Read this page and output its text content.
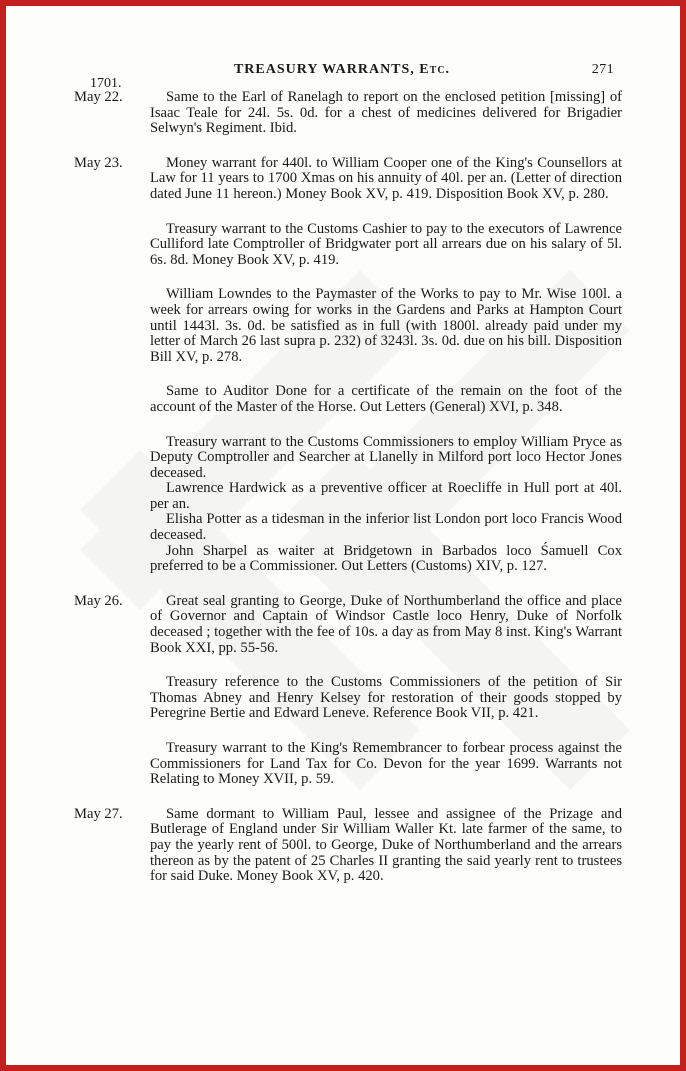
TREASURY WARRANTS, Etc.	271
1701.
May 22.	Same to the Earl of Ranelagh to report on the enclosed petition [missing] of Isaac Teale for 24l. 5s. 0d. for a chest of medicines delivered for Brigadier Selwyn's Regiment. Ibid.
May 23.	Money warrant for 440l. to William Cooper one of the King's Counsellors at Law for 11 years to 1700 Xmas on his annuity of 40l. per an. (Letter of direction dated June 11 hereon.) Money Book XV, p. 419. Disposition Book XV, p. 280.
Treasury warrant to the Customs Cashier to pay to the executors of Lawrence Culliford late Comptroller of Bridgwater port all arrears due on his salary of 5l. 6s. 8d. Money Book XV, p. 419.
William Lowndes to the Paymaster of the Works to pay to Mr. Wise 100l. a week for arrears owing for works in the Gardens and Parks at Hampton Court until 1443l. 3s. 0d. be satisfied as in full (with 1800l. already paid under my letter of March 26 last supra p. 232) of 3243l. 3s. 0d. due on his bill. Disposition Bill XV, p. 278.
Same to Auditor Done for a certificate of the remain on the foot of the account of the Master of the Horse. Out Letters (General) XVI, p. 348.
Treasury warrant to the Customs Commissioners to employ William Pryce as Deputy Comptroller and Searcher at Llanelly in Milford port loco Hector Jones deceased.
Lawrence Hardwick as a preventive officer at Roecliffe in Hull port at 40l. per an.
Elisha Potter as a tidesman in the inferior list London port loco Francis Wood deceased.
John Sharpel as waiter at Bridgetown in Barbados loco Śamuell Cox preferred to be a Commissioner. Out Letters (Customs) XIV, p. 127.
May 26.	Great seal granting to George, Duke of Northumberland the office and place of Governor and Captain of Windsor Castle loco Henry, Duke of Norfolk deceased ; together with the fee of 10s. a day as from May 8 inst. King's Warrant Book XXI, pp. 55-56.
Treasury reference to the Customs Commissioners of the petition of Sir Thomas Abney and Henry Kelsey for restoration of their goods stopped by Peregrine Bertie and Edward Leneve. Reference Book VII, p. 421.
Treasury warrant to the King's Remembrancer to forbear process against the Commissioners for Land Tax for Co. Devon for the year 1699. Warrants not Relating to Money XVII, p. 59.
May 27.	Same dormant to William Paul, lessee and assignee of the Prizage and Butlerage of England under Sir William Waller Kt. late farmer of the same, to pay the yearly rent of 500l. to George, Duke of Northumberland and the arrears thereon as by the patent of 25 Charles II granting the said yearly rent to trustees for said Duke. Money Book XV, p. 420.
